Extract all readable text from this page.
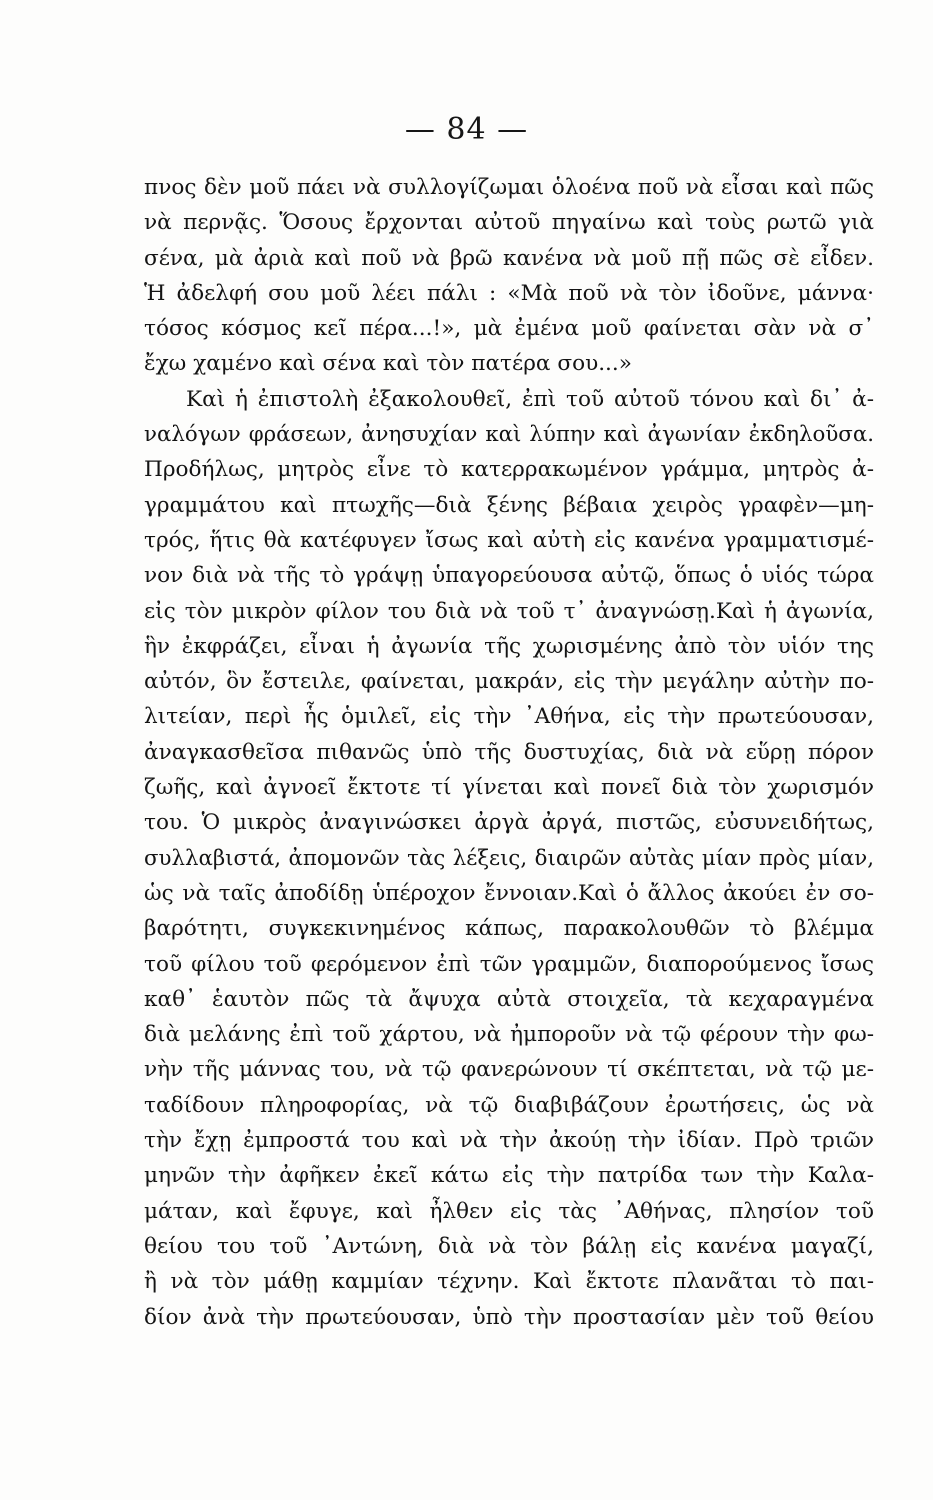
— 84 —
πνος δὲν μοῦ πάει νὰ συλλογίζωμαι ὁλοένα ποῦ νὰ εἶσαι καὶ πῶς
νὰ περνᾷς. Ὅσους ἔρχονται αὐτοῦ πηγαίνω καὶ τοὺς ρωτῶ γιὰ
σένα, μὰ ἀριὰ καὶ ποῦ νὰ βρῶ κανένα νὰ μοῦ πῇ πῶς σὲ εἶδεν.
Ἡ ἀδελφή σου μοῦ λέει πάλι : «Μὰ ποῦ νὰ τὸν ἰδοῦνε, μάννα·
τόσος κόσμος κεῖ πέρα...!», μὰ ἐμένα μοῦ φαίνεται σὰν νὰ σ᾽
ἔχω χαμένο καὶ σένα καὶ τὸν πατέρα σου...»
Καὶ ἡ ἐπιστολὴ ἐξακολουθεῖ, ἐπὶ τοῦ αὐτοῦ τόνου καὶ δι᾽ ἀ-
ναλόγων φράσεων, ἀνησυχίαν καὶ λύπην καὶ ἀγωνίαν ἐκδηλοῦσα.
Προδήλως, μητρὸς εἶνε τὸ κατερρακωμένον γράμμα, μητρὸς ἀ-
γραμμάτου καὶ πτωχῆς—διὰ ξένης βέβαια χειρὸς γραφὲν—μη-
τρός, ἥτις θὰ κατέφυγεν ἴσως καὶ αὐτὴ εἰς κανένα γραμματισμέ-
νον διὰ νὰ τῆς τὸ γράψῃ ὑπαγορεύουσα αὐτῷ, ὅπως ὁ υἱός τώρα
εἰς τὸν μικρὸν φίλον του διὰ νὰ τοῦ τ᾽ ἀναγνώσῃ.Καὶ ἡ ἀγωνία,
ἣν ἐκφράζει, εἶναι ἡ ἀγωνία τῆς χωρισμένης ἀπὸ τὸν υἱόν της
αὐτόν, ὃν ἔστειλε, φαίνεται, μακράν, εἰς τὴν μεγάλην αὐτὴν πο-
λιτείαν, περὶ ἧς ὁμιλεῖ, εἰς τὴν ᾿Αθήνα, εἰς τὴν πρωτεύουσαν,
ἀναγκασθεῖσα πιθανῶς ὑπὸ τῆς δυστυχίας, διὰ νὰ εὕρῃ πόρον
ζωῆς, καὶ ἀγνοεῖ ἔκτοτε τί γίνεται καὶ πονεῖ διὰ τὸν χωρισμόν
του. Ὁ μικρὸς ἀναγινώσκει ἀργὰ ἀργά, πιστῶς, εὐσυνειδήτως,
συλλαβιστά, ἀπομονῶν τὰς λέξεις, διαιρῶν αὐτὰς μίαν πρὸς μίαν,
ὡς νὰ ταῖς ἀποδίδῃ ὑπέροχον ἔννοιαν.Καὶ ὁ ἄλλος ἀκούει ἐν σο-
βαρότητι, συγκεκινημένος κάπως, παρακολουθῶν τὸ βλέμμα
τοῦ φίλου τοῦ φερόμενον ἐπὶ τῶν γραμμῶν, διαπορούμενος ἴσως
καθ᾽ ἑαυτὸν πῶς τὰ ἄψυχα αὐτὰ στοιχεῖα, τὰ κεχαραγμένα
διὰ μελάνης ἐπὶ τοῦ χάρτου, νὰ ἠμποροῦν νὰ τῷ φέρουν τὴν φω-
νὴν τῆς μάννας του, νὰ τῷ φανερώνουν τί σκέπτεται, νὰ τῷ με-
ταδίδουν πληροφορίας, νὰ τῷ διαβιβάζουν ἐρωτήσεις, ὡς νὰ
τὴν ἔχῃ ἐμπροστά του καὶ νὰ τὴν ἀκούῃ τὴν ἰδίαν. Πρὸ τριῶν
μηνῶν τὴν ἀφῆκεν ἐκεῖ κάτω εἰς τὴν πατρίδα των τὴν Καλα-
μάταν, καὶ ἔφυγε, καὶ ἦλθεν εἰς τὰς ᾿Αθήνας, πλησίον τοῦ
θείου του τοῦ ᾿Αντώνη, διὰ νὰ τὸν βάλῃ εἰς κανένα μαγαζί,
ἢ νὰ τὸν μάθῃ καμμίαν τέχνην. Καὶ ἔκτοτε πλανᾶται τὸ παι-
δίον ἀνὰ τὴν πρωτεύουσαν, ὑπὸ τὴν προστασίαν μὲν τοῦ θείου
